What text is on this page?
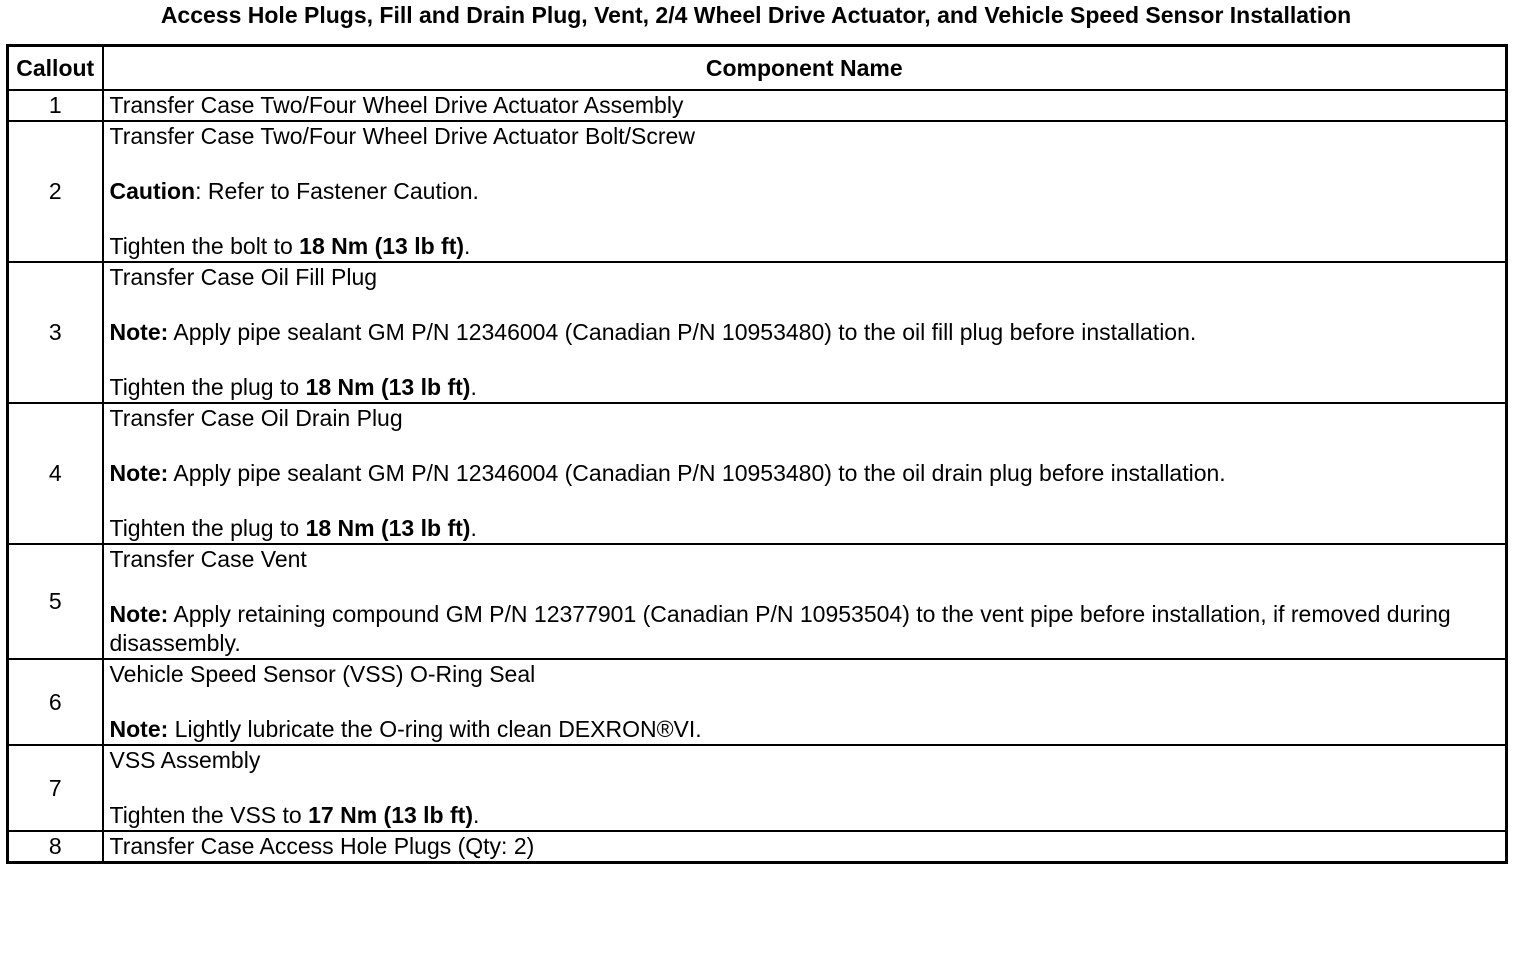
Access Hole Plugs, Fill and Drain Plug, Vent, 2/4 Wheel Drive Actuator, and Vehicle Speed Sensor Installation
Callout	Component Name
1	Transfer Case Two/Four Wheel Drive Actuator Assembly

2	Transfer Case Two/Four Wheel Drive Actuator Bolt/Screw
Caution: Refer to Fastener Caution.
Tighten the bolt to 18 Nm (13 lb ft).

3	Transfer Case Oil Fill Plug
Note: Apply pipe sealant GM P/N 12346004 (Canadian P/N 10953480) to the oil fill plug before installation.
Tighten the plug to 18 Nm (13 lb ft).

4	Transfer Case Oil Drain Plug
Note: Apply pipe sealant GM P/N 12346004 (Canadian P/N 10953480) to the oil drain plug before installation.
Tighten the plug to 18 Nm (13 lb ft).

5	Transfer Case Vent
Note: Apply retaining compound GM P/N 12377901 (Canadian P/N 10953504) to the vent pipe before installation, if removed during disassembly.

6	Vehicle Speed Sensor (VSS) O-Ring Seal
Note: Lightly lubricate the O-ring with clean DEXRON®VI.

7	VSS Assembly
Tighten the VSS to 17 Nm (13 lb ft).

8	Transfer Case Access Hole Plugs (Qty: 2)
